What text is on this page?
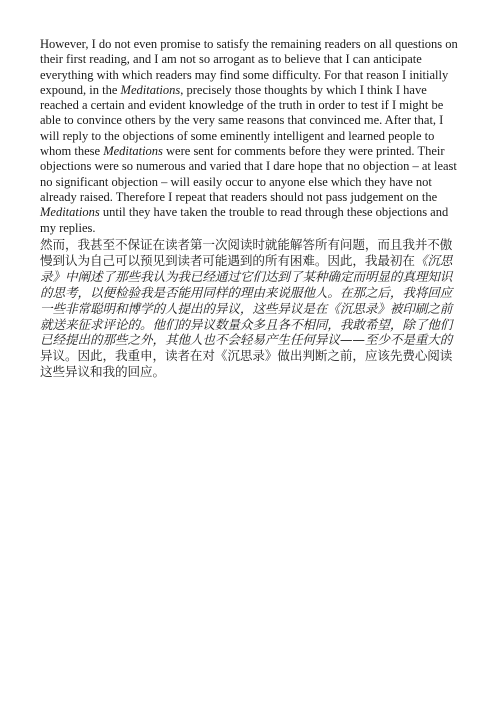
However, I do not even promise to satisfy the remaining readers on all questions on their first reading, and I am not so arrogant as to believe that I can anticipate everything with which readers may find some difficulty. For that reason I initially expound, in the Meditations, precisely those thoughts by which I think I have reached a certain and evident knowledge of the truth in order to test if I might be able to convince others by the very same reasons that convinced me. After that, I will reply to the objections of some eminently intelligent and learned people to whom these Meditations were sent for comments before they were printed. Their objections were so numerous and varied that I dare hope that no objection – at least no significant objection – will easily occur to anyone else which they have not already raised. Therefore I repeat that readers should not pass judgement on the Meditations until they have taken the trouble to read through these objections and my replies.

然而，我甚至不保证在读者第一次阅读时就能解答所有问题，而且我并不傲慢到认为自己可以预见到读者可能遇到的所有困难。因此，我最初在《沉思录》中阐述了那些我认为我已经通过它们达到了某种确定而明显的真理知识的思考，以便检验我是否能用同样的理由来说服他人。在那之后，我将回应一些非常聪明和博学的人提出的异议，这些异议是在《沉思录》被印刷之前就送来征求评论的。他们的异议数量众多且各不相同，我敢希望，除了他们已经提出的那些之外，其他人也不会轻易产生任何异议——至少不是重大的异议。因此，我重申，读者在对《沉思录》做出判断之前，应该先费心阅读这些异议和我的回应。
